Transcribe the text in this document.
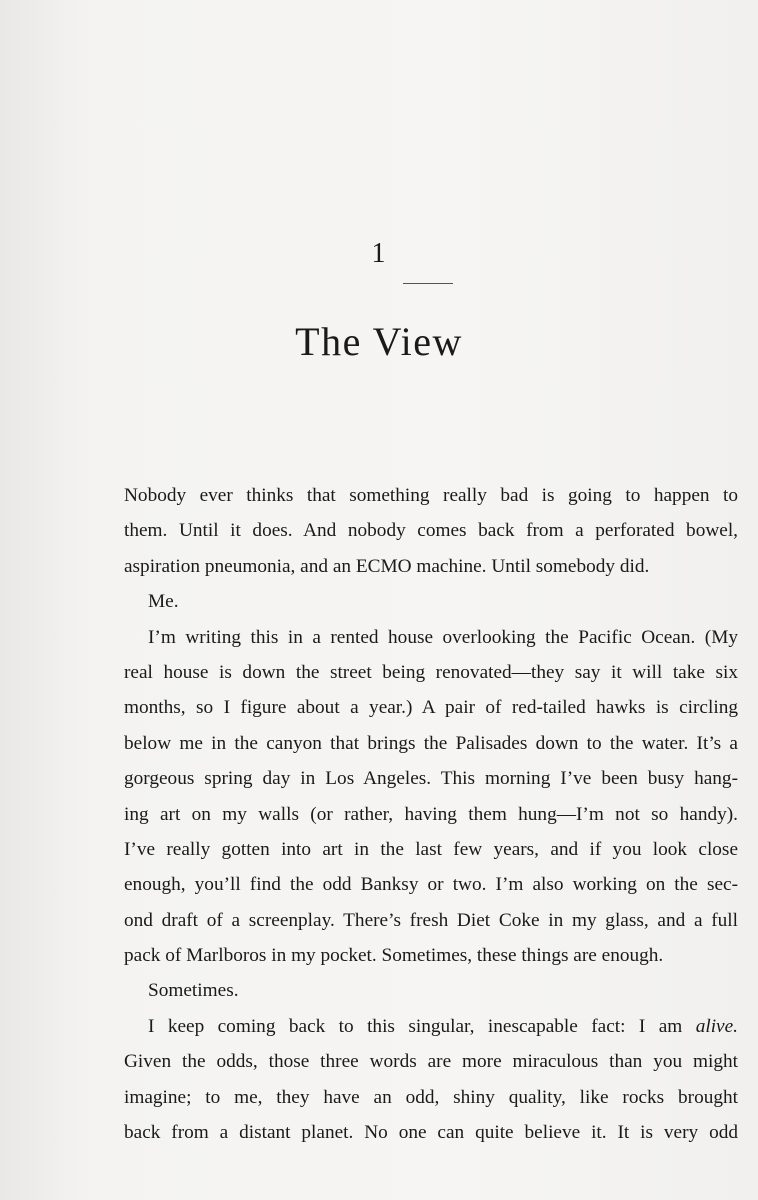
1
The View
Nobody ever thinks that something really bad is going to happen to
them. Until it does. And nobody comes back from a perforated bowel,
aspiration pneumonia, and an ECMO machine. Until somebody did.
Me.
I’m writing this in a rented house overlooking the Pacific Ocean. (My
real house is down the street being renovated—they say it will take six
months, so I figure about a year.) A pair of red-tailed hawks is circling
below me in the canyon that brings the Palisades down to the water. It’s a
gorgeous spring day in Los Angeles. This morning I’ve been busy hang-
ing art on my walls (or rather, having them hung—I’m not so handy).
I’ve really gotten into art in the last few years, and if you look close
enough, you’ll find the odd Banksy or two. I’m also working on the sec-
ond draft of a screenplay. There’s fresh Diet Coke in my glass, and a full
pack of Marlboros in my pocket. Sometimes, these things are enough.
Sometimes.
I keep coming back to this singular, inescapable fact: I am alive.
Given the odds, those three words are more miraculous than you might
imagine; to me, they have an odd, shiny quality, like rocks brought
back from a distant planet. No one can quite believe it. It is very odd
